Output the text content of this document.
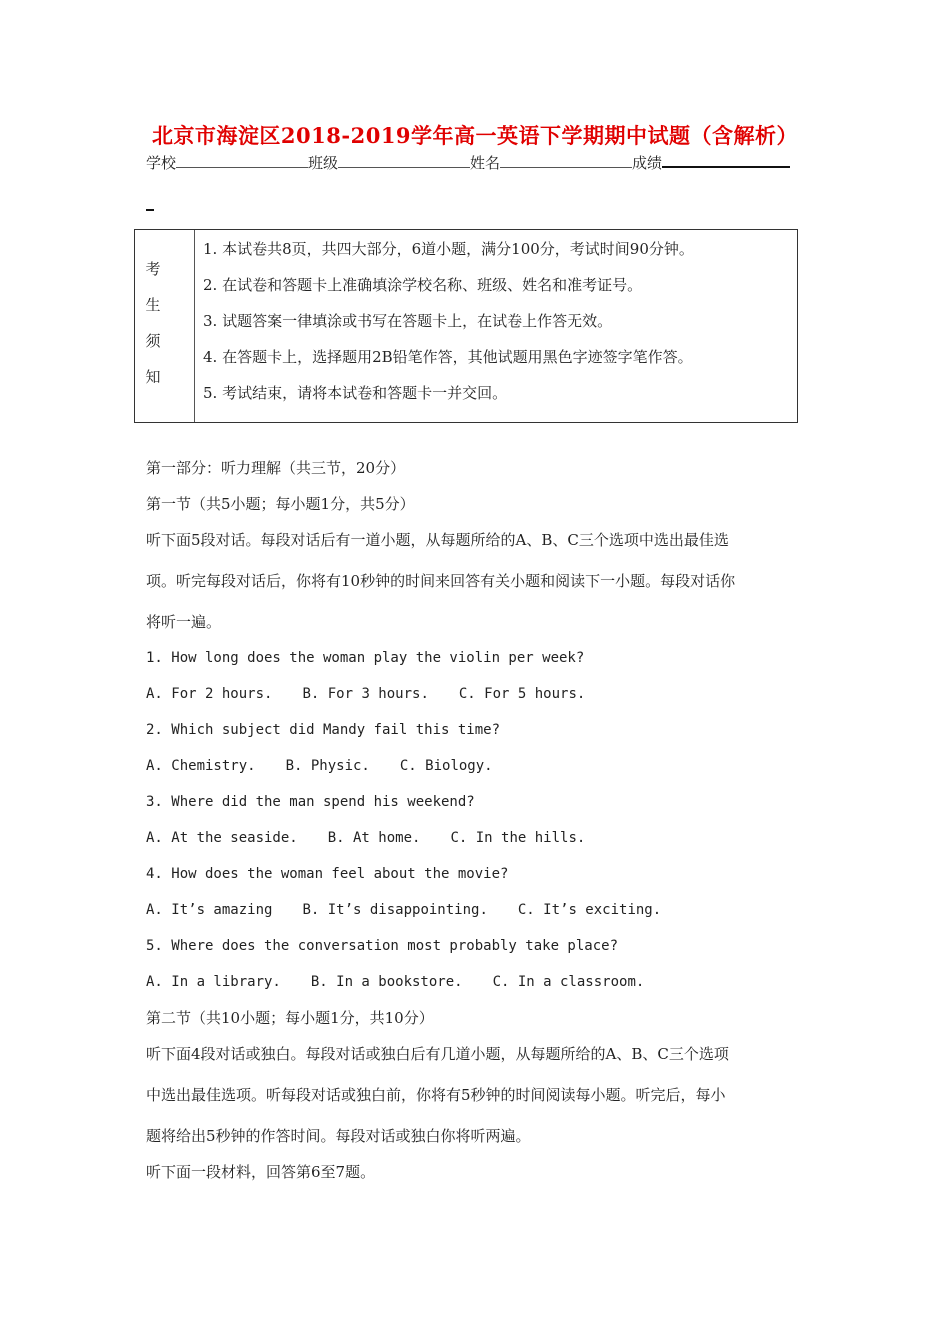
北京市海淀区2018-2019学年高一英语下学期期中试题（含解析）
学校	班级	姓名	成绩
考
生
须
知
1. 本试卷共8页，共四大部分，6道小题，满分100分，考试时间90分钟。
2. 在试卷和答题卡上准确填涂学校名称、班级、姓名和准考证号。
3. 试题答案一律填涂或书写在答题卡上，在试卷上作答无效。
4. 在答题卡上，选择题用2B铅笔作答，其他试题用黑色字迹签字笔作答。
5. 考试结束，请将本试卷和答题卡一并交回。
第一部分：听力理解（共三节，20分）
第一节（共5小题；每小题1分，共5分）
听下面5段对话。每段对话后有一道小题，从每题所给的A、B、C三个选项中选出最佳选
项。听完每段对话后，你将有10秒钟的时间来回答有关小题和阅读下一小题。每段对话你
将听一遍。
1. How long does the woman play the violin per week?
A. For 2 hours. B. For 3 hours. C. For 5 hours.
2. Which subject did Mandy fail this time?
A. Chemistry. B. Physic. C. Biology.
3. Where did the man spend his weekend?
A. At the seaside. B. At home. C. In the hills.
4. How does the woman feel about the movie?
A. It’s amazing B. It’s disappointing. C. It’s exciting.
5. Where does the conversation most probably take place?
A. In a library. B. In a bookstore. C. In a classroom.
第二节（共10小题；每小题1分，共10分）
听下面4段对话或独白。每段对话或独白后有几道小题，从每题所给的A、B、C三个选项
中选出最佳选项。听每段对话或独白前，你将有5秒钟的时间阅读每小题。听完后，每小
题将给出5秒钟的作答时间。每段对话或独白你将听两遍。
听下面一段材料，回答第6至7题。
